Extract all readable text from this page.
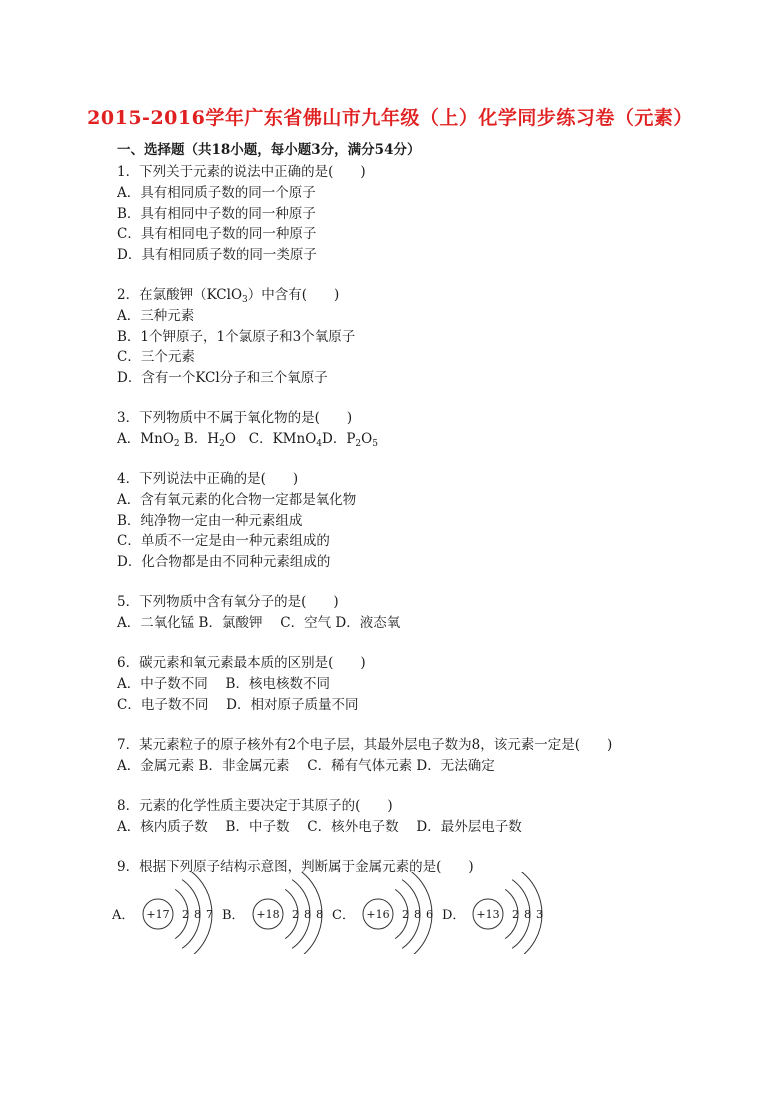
2015-2016学年广东省佛山市九年级（上）化学同步练习卷（元素）
一、选择题（共18小题，每小题3分，满分54分）
1．下列关于元素的说法中正确的是(　　)
A．具有相同质子数的同一个原子
B．具有相同中子数的同一种原子
C．具有相同电子数的同一种原子
D．具有相同质子数的同一类原子
2．在氯酸钾（KClO$_3$）中含有(　　)
A．三种元素
B．1个钾原子，1个氯原子和3个氧原子
C．三个元素
D．含有一个KCl分子和三个氧原子
3．下列物质中不属于氧化物的是(　　)
A．MnO$_2$ B．$H_2O$ C．KMnO$_4$D．$P_2O_5$
4．下列说法中正确的是(　　)
A．含有氧元素的化合物一定都是氧化物
B．纯净物一定由一种元素组成
C．单质不一定是由一种元素组成的
D．化合物都是由不同种元素组成的
5．下列物质中含有氧分子的是(　　)
A．二氧化锰 B．氯酸钾　 C．空气 D．液态氧
6．碳元素和氧元素最本质的区别是(　　)
A．中子数不同　 B．核电核数不同
C．电子数不同　 D．相对原子质量不同
7．某元素粒子的原子核外有2个电子层，其最外层电子数为8，该元素一定是(　　)
A．金属元素 B．非金属元素　 C．稀有气体元素 D．无法确定
8．元素的化学性质主要决定于其原子的(　　)
A．核内质子数　 B．中子数　 C．核外电子数　 D．最外层电子数
9．根据下列原子结构示意图，判断属于金属元素的是(　　)
A． +17 2 8 7 B． +18 2 8 8 C． +16 2 8 6 D． +13 2 8 3
